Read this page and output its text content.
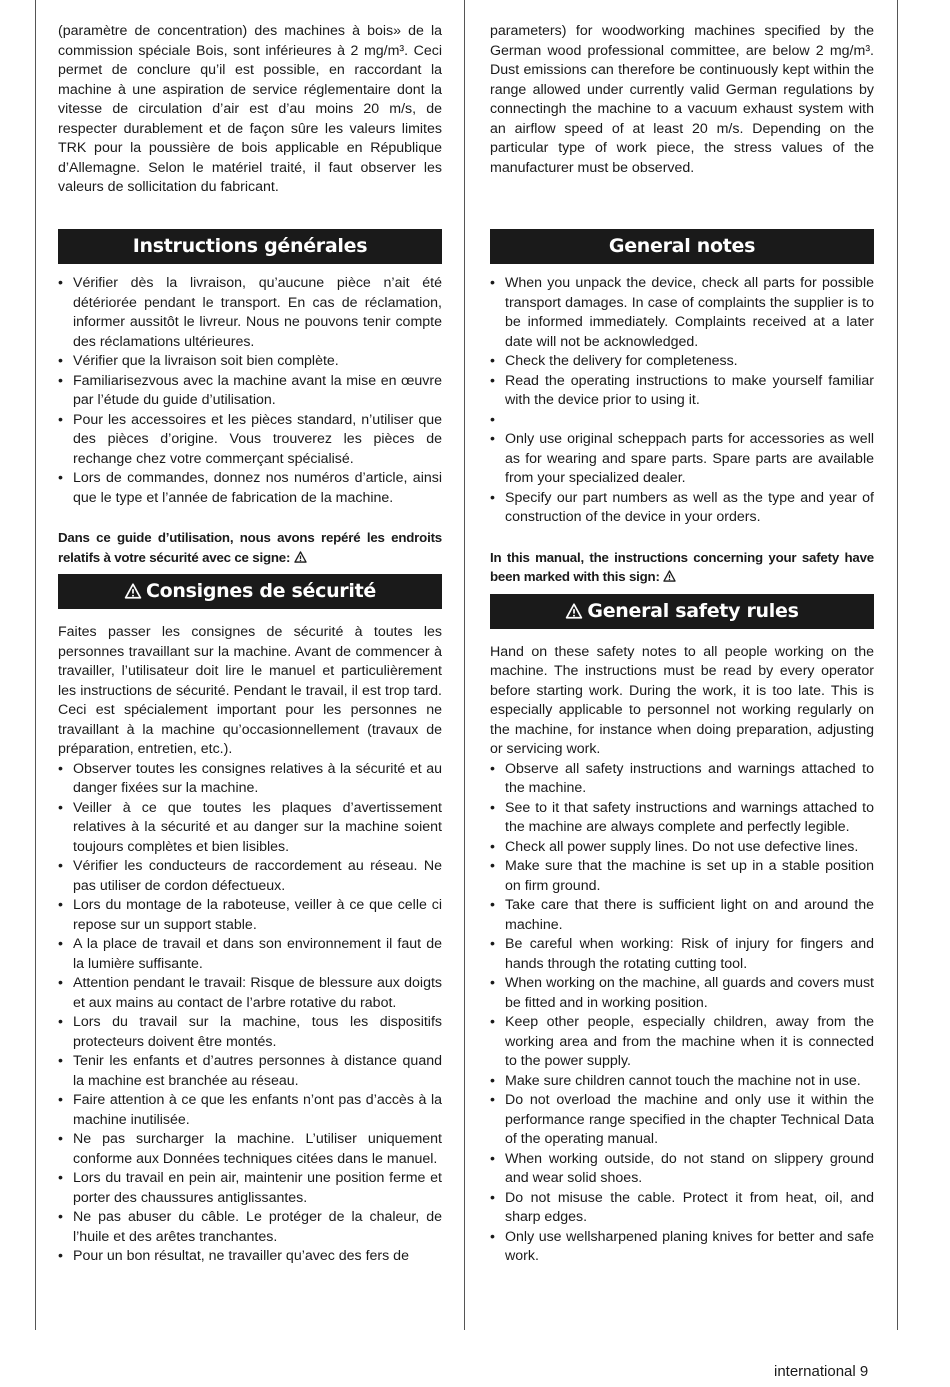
(paramètre de concentration) des machines à bois» de la commission spéciale Bois, sont inférieures à 2 mg/m³. Ceci permet de conclure qu’il est possible, en raccordant la machine à une aspiration de service réglementaire dont la vitesse de circulation d’air est d’au moins 20 m/s, de respecter durablement et de façon sûre les valeurs limites TRK pour la poussière de bois applicable en République d’Allemagne. Selon le matériel traité, il faut observer les valeurs de sollicitation du fabricant.

Instructions générales
• Vérifier dès la livraison, qu’aucune pièce n’ait été détériorée pendant le transport. En cas de réclamation, informer aussitôt le livreur. Nous ne pouvons tenir compte des réclamations ultérieures.
• Vérifier que la livraison soit bien complète.
• Familiarisezvous avec la machine avant la mise en œuvre par l’étude du guide d’utilisation.
• Pour les accessoires et les pièces standard, n’utiliser que des pièces d’origine. Vous trouverez les pièces de rechange chez votre commerçant spécialisé.
• Lors de commandes, donnez nos numéros d’article, ainsi que le type et l’année de fabrication de la machine.

Dans ce guide d’utilisation, nous avons repéré les endroits relatifs à votre sécurité avec ce signe:

Consignes de sécurité

Faites passer les consignes de sécurité à toutes les personnes travaillant sur la machine. Avant de commencer à travailler, l’utilisateur doit lire le manuel et particulièrement les instructions de sécurité. Pendant le travail, il est trop tard. Ceci est spécialement important pour les personnes ne travaillant à la machine qu’occasionnellement (travaux de préparation, entretien, etc.).

• Observer toutes les consignes relatives à la sécurité et au danger fixées sur la machine.
• Veiller à ce que toutes les plaques d’avertissement relatives à la sécurité et au danger sur la machine soient toujours complètes et bien lisibles.
• Vérifier les conducteurs de raccordement au réseau. Ne pas utiliser de cordon défectueux.
• Lors du montage de la raboteuse, veiller à ce que celle ci repose sur un support stable.
• A la place de travail et dans son environnement il faut de la lumière suffisante.
• Attention pendant le travail: Risque de blessure aux doigts et aux mains au contact de l’arbre rotative du rabot.
• Lors du travail sur la machine, tous les dispositifs protecteurs doivent être montés.
• Tenir les enfants et d’autres personnes à distance quand la machine est branchée au réseau.
• Faire attention à ce que les enfants n’ont pas d’accès à la machine inutilisée.
• Ne pas surcharger la machine. L’utiliser uniquement conforme aux Données techniques citées dans le manuel.
• Lors du travail en pein air, maintenir une position ferme et porter des chaussures antiglissantes.
• Ne pas abuser du câble. Le protéger de la chaleur, de l’huile et des arêtes tranchantes.
• Pour un bon résultat, ne travailler qu’avec des fers de

parameters) for woodworking machines specified by the German wood professional committee, are below 2 mg/m³. Dust emissions can therefore be continuously kept within the range allowed under currently valid German regulations by connectingh the machine to a vacuum exhaust system with an airflow speed of at least 20 m/s. Depending on the particular type of work piece, the stress values of the manufacturer must be observed.

General notes
• When you unpack the device, check all parts for possible transport damages. In case of complaints the supplier is to be informed immediately. Complaints received at a later date will not be acknowledged.
• Check the delivery for completeness.
• Read the operating instructions to make yourself familiar with the device prior to using it.
•
• Only use original scheppach parts for accessories as well as for wearing and spare parts. Spare parts are available from your specialized dealer.
• Specify our part numbers as well as the type and year of construction of the device in your orders.

In this manual, the instructions concerning your safety have been marked with this sign:

General safety rules

Hand on these safety notes to all people working on the machine. The instructions must be read by every operator before starting work. During the work, it is too late. This is especially applicable to personnel not working regularly on the machine, for instance when doing preparation, adjusting or servicing work.

• Observe all safety instructions and warnings attached to the machine.
• See to it that safety instructions and warnings attached to the machine are always complete and perfectly legible.
• Check all power supply lines. Do not use defective lines.
• Make sure that the machine is set up in a stable position on firm ground.
• Take care that there is sufficient light on and around the machine.
• Be careful when working: Risk of injury for fingers and hands through the rotating cutting tool.
• When working on the machine, all guards and covers must be fitted and in working position.
• Keep other people, especially children, away from the working area and from the machine when it is connected to the power supply.
• Make sure children cannot touch the machine not in use.
• Do not overload the machine and only use it within the performance range specified in the chapter Technical Data of the operating manual.
• When working outside, do not stand on slippery ground and wear solid shoes.
• Do not misuse the cable. Protect it from heat, oil, and sharp edges.
• Only use wellsharpened planing knives for better and safe work.
international 9
